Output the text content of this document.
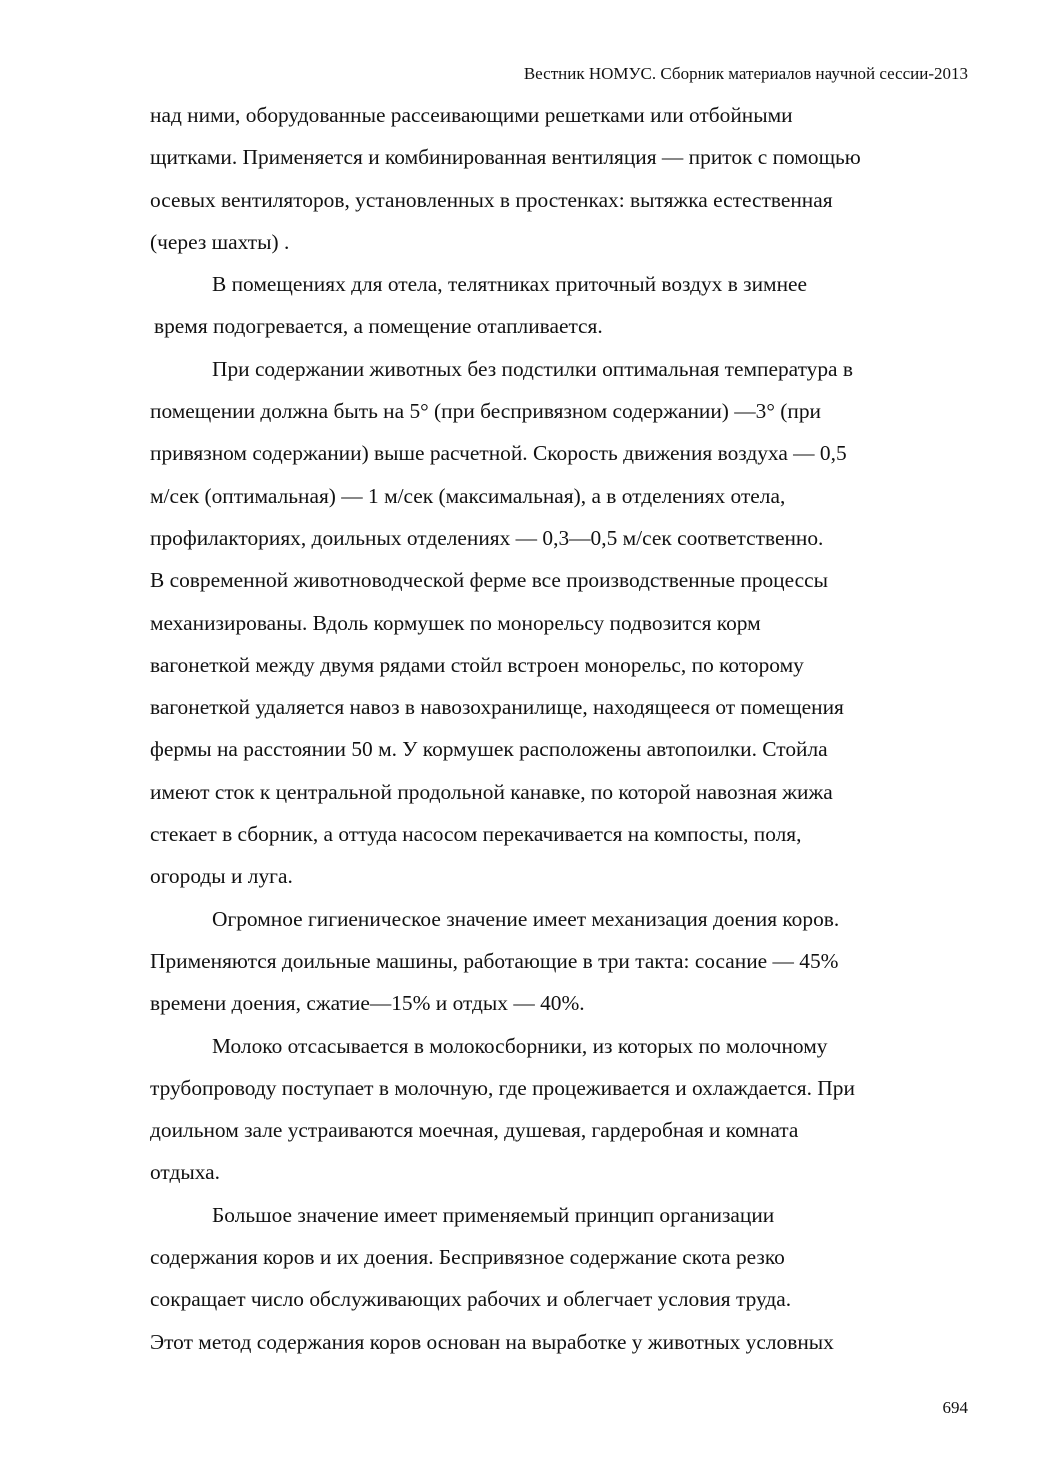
Вестник НОМУС. Сборник материалов научной сессии-2013
над ними, оборудованные рассеивающими решетками или отбойными
щитками. Применяется и комбинированная вентиляция — приток с помощью
осевых вентиляторов, установленных в простенках: вытяжка естественная
(через шахты) .
В помещениях для отела, телятниках приточный воздух в зимнее
время подогревается, а помещение отапливается.
При содержании животных без подстилки оптимальная температура в
помещении должна быть на 5° (при беспривязном содержании) —3° (при
привязном содержании) выше расчетной. Скорость движения воздуха — 0,5
м/сек (оптимальная) — 1 м/сек (максимальная), а в отделениях отела,
профилакториях, доильных отделениях — 0,3—0,5 м/сек соответственно.
В современной животноводческой ферме все производственные процессы
механизированы. Вдоль кормушек по монорельсу подвозится корм
вагонеткой между двумя рядами стойл встроен монорельс, по которому
вагонеткой удаляется навоз в навозохранилище, находящееся от помещения
фермы на расстоянии 50 м. У кормушек расположены автопоилки. Стойла
имеют сток к центральной продольной канавке, по которой навозная жижа
стекает в сборник, а оттуда насосом перекачивается на компосты, поля,
огороды и луга.
Огромное гигиеническое значение имеет механизация доения коров.
Применяются доильные машины, работающие в три такта: сосание — 45%
времени доения, сжатие—15% и отдых — 40%.
Молоко отсасывается в молокосборники, из которых по молочному
трубопроводу поступает в молочную, где процеживается и охлаждается. При
доильном зале устраиваются моечная, душевая, гардеробная и комната
отдыха.
Большое значение имеет применяемый принцип организации
содержания коров и их доения. Беспривязное содержание скота резко
сокращает число обслуживающих рабочих и облегчает условия труда.
Этот метод содержания коров основан на выработке у животных условных
694
